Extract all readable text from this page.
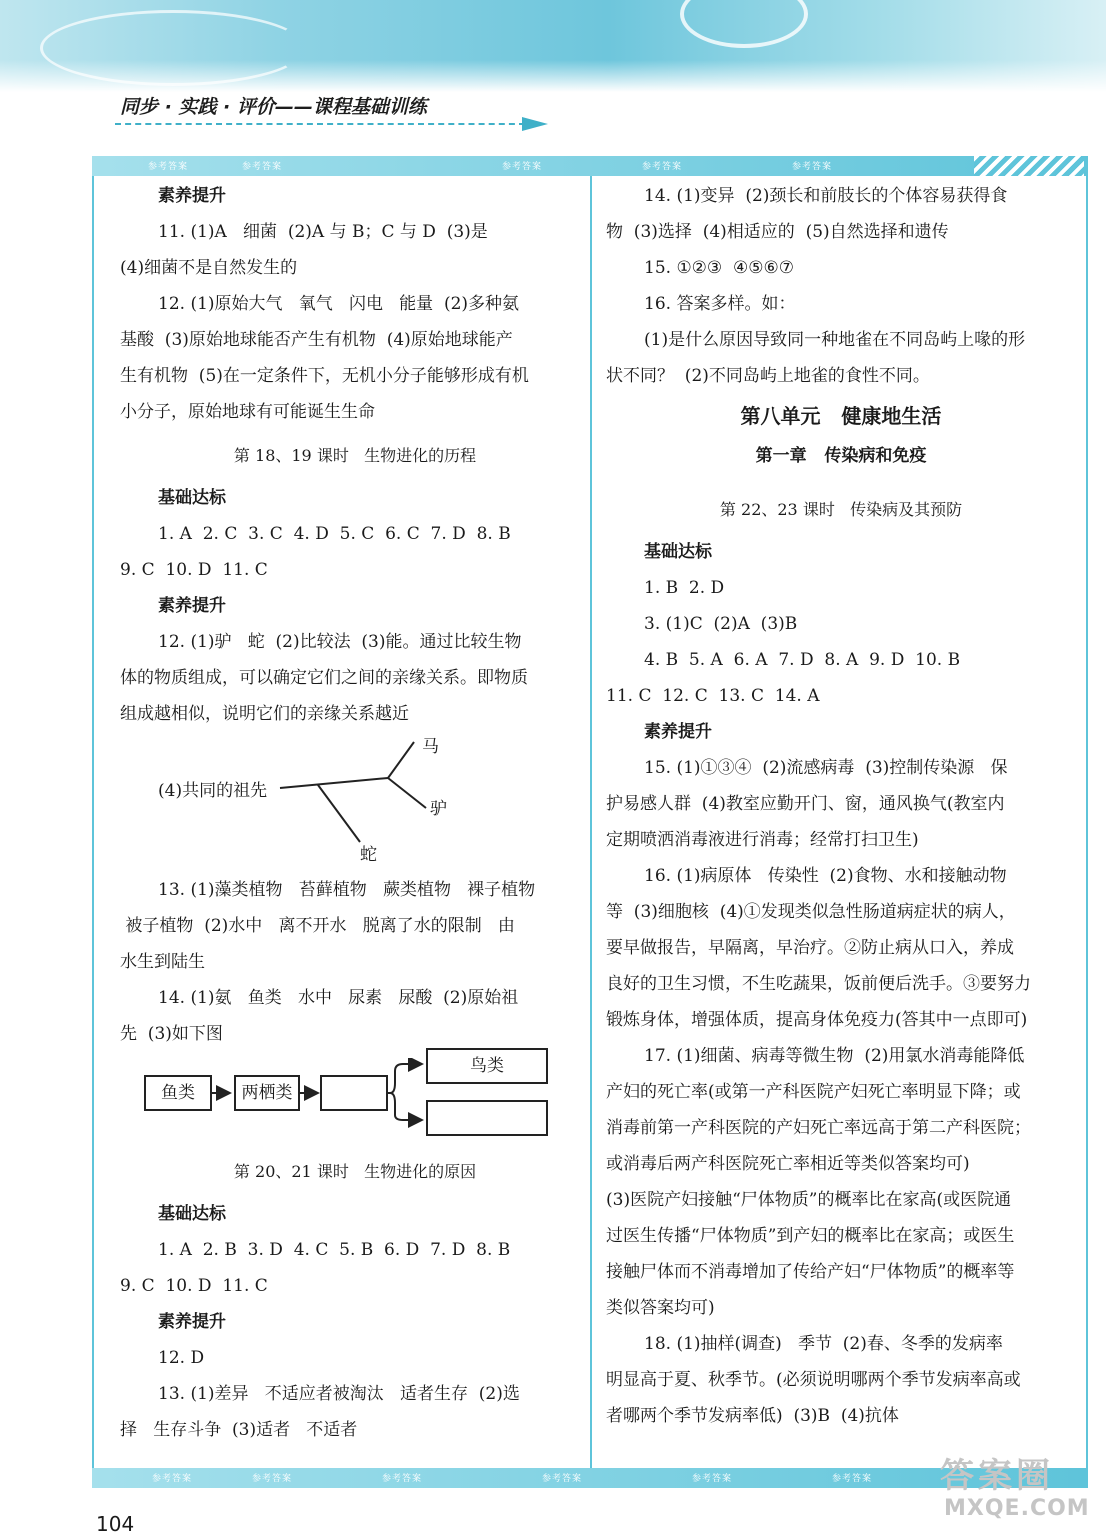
同步 · 实践 · 评价——课程基础训练
参考答案	参考答案	参考答案	参考答案	参考答案

素养提升

11. (1)A   细菌  (2)A 与 B；C 与 D  (3)是

(4)细菌不是自然发生的

12. (1)原始大气   氧气   闪电   能量  (2)多种氨

基酸  (3)原始地球能否产生有机物  (4)原始地球能产

生有机物  (5)在一定条件下，无机小分子能够形成有机

小分子，原始地球有可能诞生生命

第 18、19 课时   生物进化的历程

基础达标

1. A  2. C  3. C  4. D  5. C  6. C  7. D  8. B

9. C  10. D  11. C

素养提升

12. (1)驴   蛇  (2)比较法  (3)能。通过比较生物

体的物质组成，可以确定它们之间的亲缘关系。即物质

组成越相似，说明它们的亲缘关系越近

(4)共同的祖先
马
驴
蛇

13. (1)藻类植物   苔藓植物   蕨类植物   裸子植物

被子植物  (2)水中   离不开水   脱离了水的限制   由

水生到陆生

14. (1)氨   鱼类   水中   尿素   尿酸  (2)原始祖

先  (3)如下图

鱼类	两栖类
鸟类

第 20、21 课时   生物进化的原因

基础达标

1. A  2. B  3. D  4. C  5. B  6. D  7. D  8. B

9. C  10. D  11. C

素养提升

12. D

13. (1)差异   不适应者被淘汰   适者生存  (2)选

择   生存斗争  (3)适者   不适者

14. (1)变异  (2)颈长和前肢长的个体容易获得食

物  (3)选择  (4)相适应的  (5)自然选择和遗传

15. ①②③  ④⑤⑥⑦

16. 答案多样。如：

(1)是什么原因导致同一种地雀在不同岛屿上喙的形

状不同？  (2)不同岛屿上地雀的食性不同。

第八单元   健康地生活

第一章   传染病和免疫

第 22、23 课时   传染病及其预防

基础达标

1. B  2. D

3. (1)C  (2)A  (3)B

4. B  5. A  6. A  7. D  8. A  9. D  10. B

11. C  12. C  13. C  14. A

素养提升

15. (1)①③④  (2)流感病毒  (3)控制传染源   保

护易感人群  (4)教室应勤开门、窗，通风换气(教室内

定期喷洒消毒液进行消毒；经常打扫卫生)

16. (1)病原体   传染性  (2)食物、水和接触动物

等  (3)细胞核  (4)①发现类似急性肠道病症状的病人，

要早做报告，早隔离，早治疗。②防止病从口入，养成

良好的卫生习惯，不生吃蔬果，饭前便后洗手。③要努力

锻炼身体，增强体质，提高身体免疫力(答其中一点即可)

17. (1)细菌、病毒等微生物  (2)用氯水消毒能降低

产妇的死亡率(或第一产科医院产妇死亡率明显下降；或

消毒前第一产科医院的产妇死亡率远高于第二产科医院；

或消毒后两产科医院死亡率相近等类似答案均可)

(3)医院产妇接触“尸体物质”的概率比在家高(或医院通

过医生传播“尸体物质”到产妇的概率比在家高；或医生

接触尸体而不消毒增加了传给产妇“尸体物质”的概率等

类似答案均可)

18. (1)抽样(调查)   季节  (2)春、冬季的发病率

明显高于夏、秋季节。(必须说明哪两个季节发病率高或

者哪两个季节发病率低)  (3)B  (4)抗体

参考答案	参考答案	参考答案	参考答案	参考答案	参考答案
104
答案圈
MXQE.COM
